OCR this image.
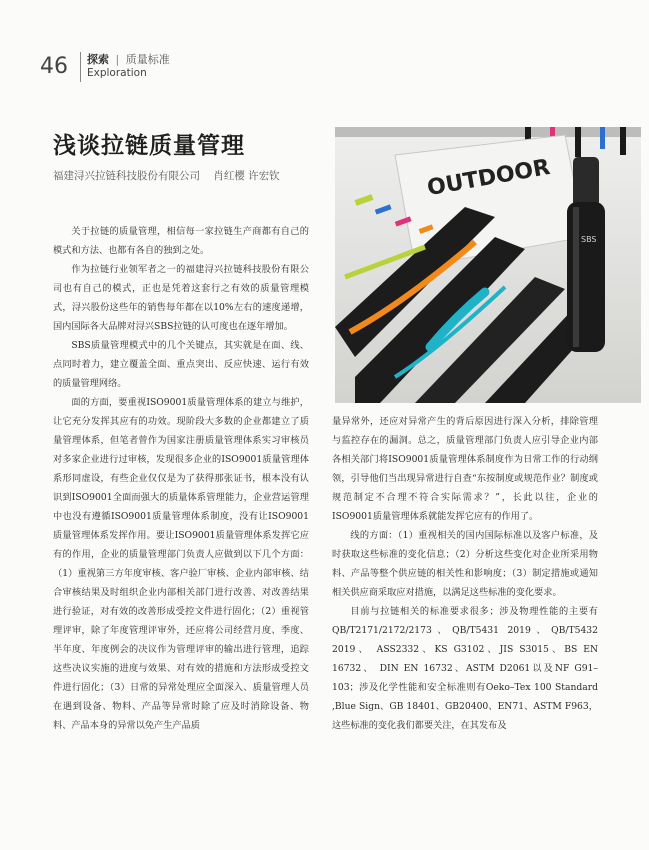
46 探索 | 质量标准
Exploration
浅谈拉链质量管理
福建浔兴拉链科技股份有限公司 肖红樱 许宏钦	OUTDOOR
SBS

关于拉链的质量管理，相信每一家拉链生产商都有自己的模式和方法、也都有各自的独到之处。

作为拉链行业领军者之一的福建浔兴拉链科技股份有限公司也有自己的模式，正也是凭着这套行之有效的质量管理模式，浔兴股份这些年的销售每年都在以10%左右的速度递增，国内国际各大品牌对浔兴SBS拉链的认可度也在逐年增加。

SBS质量管理模式中的几个关键点，其实就是在面、线、点同时着力，建立覆盖全面、重点突出、反应快速、运行有效的质量管理网络。

面的方面，要重视ISO9001质量管理体系的建立与维护，让它充分发挥其应有的功效。现阶段大多数的企业都建立了质量管理体系，但笔者曾作为国家注册质量管理体系实习审核员对多家企业进行过审核，发现很多企业的ISO9001质量管理体系形同虚设，有些企业仅仅是为了获得那张证书，根本没有认识到ISO9001全面而强大的质量体系管理能力，企业营运管理中也没有遵循ISO9001质量管理体系制度，没有让ISO9001质量管理体系发挥作用。要让ISO9001质量管理体系发挥它应有的作用，企业的质量管理部门负责人应做到以下几个方面：（1）重视第三方年度审核、客户验厂审核、企业内部审核、结合审核结果及时组织企业内部相关部门进行改善、对改善结果进行验证，对有效的改善形成受控文件进行固化；（2）重视管理评审，除了年度管理评审外，还应将公司经营月度、季度、半年度、年度例会的决议作为管理评审的输出进行管理，追踪这些决议实施的进度与效果、对有效的措施和方法形成受控文件进行固化；（3）日常的异常处理应全面深入、质量管理人员在遇到设备、物料、产品等异常时除了应及时消除设备、物料、产品本身的异常以免产生产品质

量异常外，还应对异常产生的背后原因进行深入分析，排除管理与监控存在的漏洞。总之，质量管理部门负责人应引导企业内部各相关部门将ISO9001质量管理体系制度作为日常工作的行动纲领，引导他们当出现异常进行自查“东按制度或规范作业？制度或规范制定不合理不符合实际需求？”，长此以往，企业的ISO9001质量管理体系就能发挥它应有的作用了。

线的方面：（1）重视相关的国内国际标准以及客户标准，及时获取这些标准的变化信息；（2）分析这些变化对企业所采用物料、产品等整个供应链的相关性和影响度；（3）制定措施或通知相关供应商采取应对措施，以满足这些标准的变化要求。

目前与拉链相关的标准要求很多；涉及物理性能的主要有QB/T2171/2172/2173、QB/T5431 2019、QB/T5432 2019、 ASS2332、KS G3102、JIS S3015、BS EN 16732、 DIN EN 16732、ASTM D2061以及NF G91–103；涉及化学性能和安全标准则有Oeko–Tex 100 Standard ,Blue Sign、GB 18401、GB20400、EN71、ASTM F963，这些标准的变化我们都要关注，在其发布及
